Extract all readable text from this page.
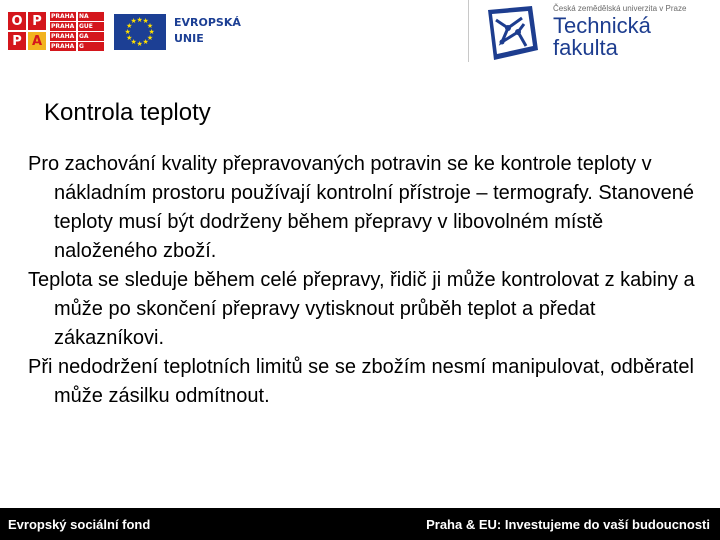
O P
P A
PRAHA NA
PRAHA GUE
PRAHA GA
PRAHA G
★ ★
★
★
★
★
★
★
★
★
★
★	EVROPSKÁ
UNIE
Česká zemědělská univerzita v Praze
Technická
fakulta
Kontrola teploty

Pro zachování kvality přepravovaných potravin se ke kontrole teploty v nákladním prostoru používají kontrolní přístroje – termografy. Stanovené teploty musí být dodrženy během přepravy v libovolném místě naloženého zboží.

Teplota se sleduje během celé přepravy, řidič ji může kontrolovat z kabiny a může po skončení přepravy vytisknout průběh teplot a předat zákazníkovi.

Při nedodržení teplotních limitů se se zbožím nesmí manipulovat, odběratel může zásilku odmítnout.

Evropský sociální fond	Praha & EU: Investujeme do vaší budoucnosti
